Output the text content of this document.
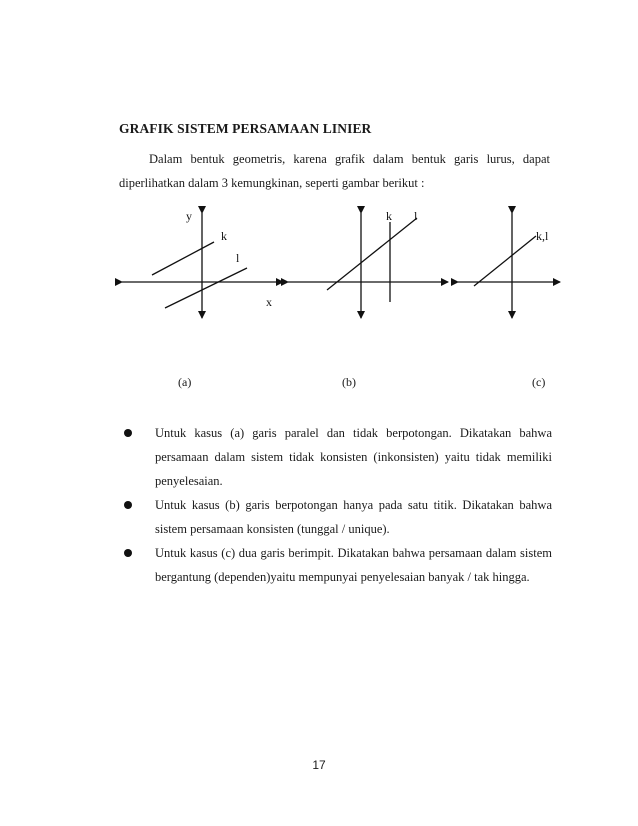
GRAFIK SISTEM PERSAMAAN LINIER
Dalam bentuk geometris, karena grafik dalam bentuk garis lurus, dapat
diperlihatkan dalam 3 kemungkinan, seperti gambar berikut :
y
k
l
x
k l
k,l
(a)	(b)	(c)
Untuk kasus (a) garis paralel dan tidak berpotongan. Dikatakan bahwa persamaan dalam sistem tidak konsisten (inkonsisten) yaitu tidak memiliki penyelesaian.
Untuk kasus (b) garis berpotongan hanya pada satu titik. Dikatakan bahwa sistem persamaan konsisten (tunggal / unique).
Untuk kasus (c) dua garis berimpit. Dikatakan bahwa persamaan dalam sistem bergantung (dependen)yaitu mempunyai penyelesaian banyak / tak hingga.
17
